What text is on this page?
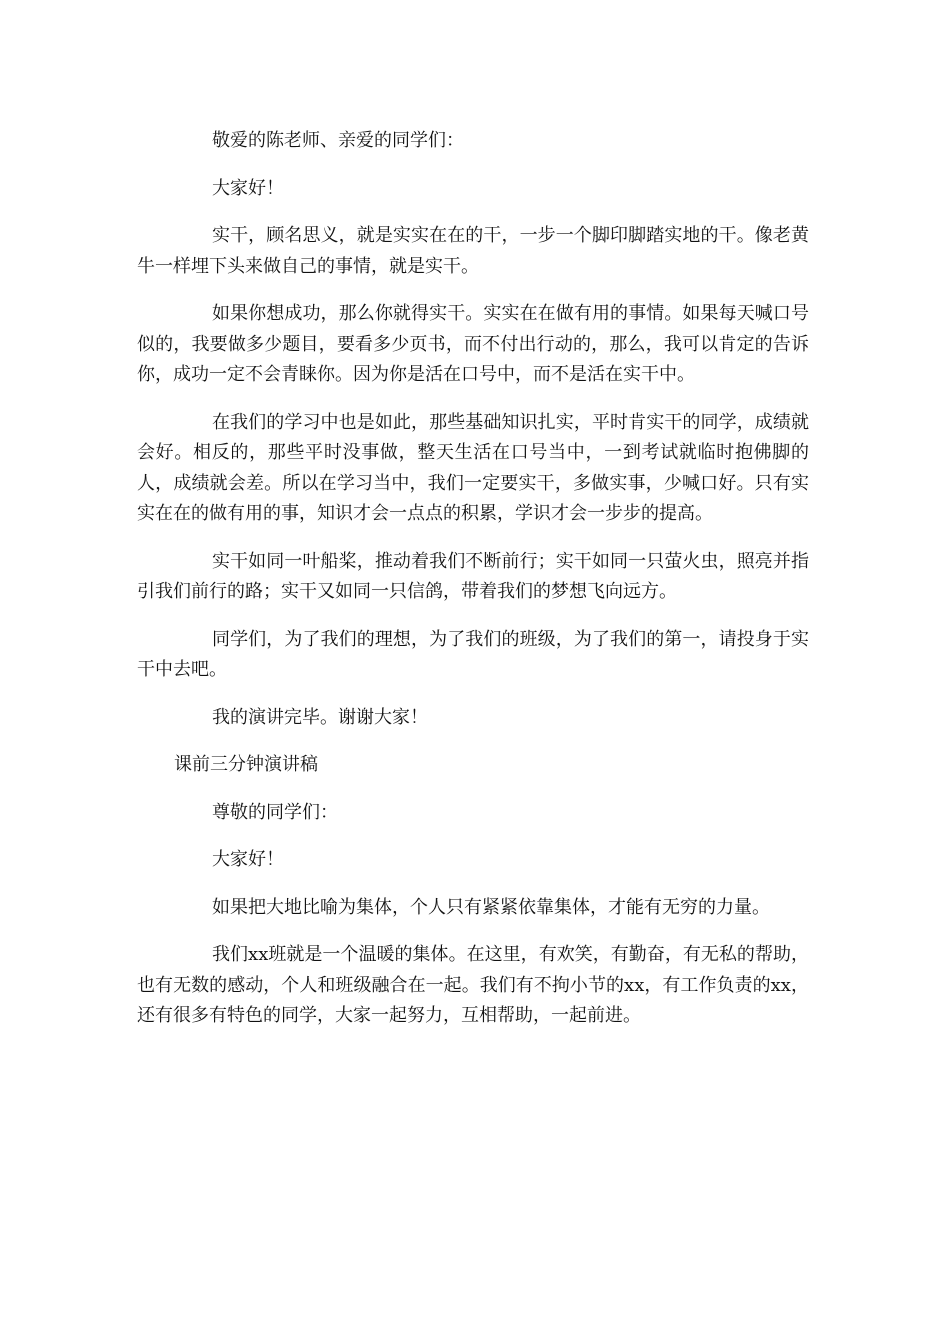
敬爱的陈老师、亲爱的同学们：

大家好！

实干，顾名思义，就是实实在在的干，一步一个脚印脚踏实地的干。像老黄牛一样埋下头来做自己的事情，就是实干。

如果你想成功，那么你就得实干。实实在在做有用的事情。如果每天喊口号似的，我要做多少题目，要看多少页书，而不付出行动的，那么，我可以肯定的告诉你，成功一定不会青睐你。因为你是活在口号中，而不是活在实干中。

在我们的学习中也是如此，那些基础知识扎实，平时肯实干的同学，成绩就会好。相反的，那些平时没事做，整天生活在口号当中，一到考试就临时抱佛脚的人，成绩就会差。所以在学习当中，我们一定要实干，多做实事，少喊口好。只有实实在在的做有用的事，知识才会一点点的积累，学识才会一步步的提高。

实干如同一叶船桨，推动着我们不断前行；实干如同一只萤火虫，照亮并指引我们前行的路；实干又如同一只信鸽，带着我们的梦想飞向远方。

同学们，为了我们的理想，为了我们的班级，为了我们的第一，请投身于实干中去吧。

我的演讲完毕。谢谢大家！

课前三分钟演讲稿

尊敬的同学们：

大家好！

如果把大地比喻为集体，个人只有紧紧依靠集体，才能有无穷的力量。

我们xx班就是一个温暖的集体。在这里，有欢笑，有勤奋，有无私的帮助，也有无数的感动，个人和班级融合在一起。我们有不拘小节的xx，有工作负责的xx，还有很多有特色的同学，大家一起努力，互相帮助，一起前进。
